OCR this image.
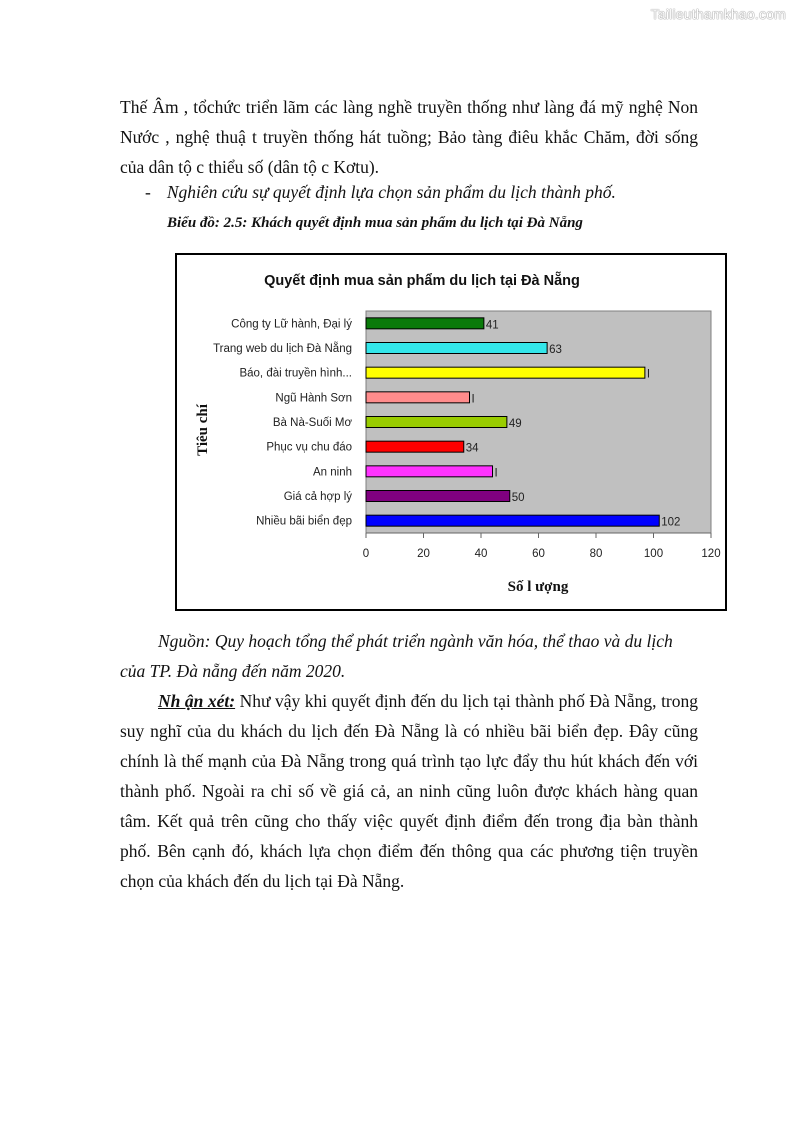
Tailieuthamkhao.com
Thế Âm , tổchức triển lãm các làng nghề truyền thống như làng đá mỹ nghệ Non Nước , nghệ thuậ t truyền thống hát tuồng; Bảo tàng điêu khắc Chăm, đời sống của dân tộ c thiểu số (dân tộ c Kơtu).
- Nghiên cứu sự quyết định lựa chọn sản phẩm du lịch thành phố.
Biểu đồ: 2.5: Khách quyết định mua sản phẩm du lịch tại Đà Nẵng
Quyết định mua sản phẩm du lịch tại Đà Nẵng
Công ty Lữ hành, Đại lý	41
Trang web du lịch Đà Nẵng	63
Báo, đài truyền hình...	I
Ngũ Hành Sơn	I
Bà Nà-Suối Mơ	49
Phục vụ chu đáo	34
An ninh	I
Giá cả hợp lý	50
Nhiều bãi biển đẹp	102
0	20	40	60	80	100	120
Số l ượng
Tiêu chí
Nguồn: Quy hoạch tổng thể phát triển ngành văn hóa, thể thao và du lịch của TP. Đà nẵng đến năm 2020.
Nh ận xét: Như vậy khi quyết định đến du lịch tại thành phố Đà Nẵng, trong suy nghĩ của du khách du lịch đến Đà Nẵng là có nhiều bãi biển đẹp. Đây cũng chính là thế mạnh của Đà Nẵng trong quá trình tạo lực đẩy thu hút khách đến với thành phố. Ngoài ra chỉ số về giá cả, an ninh cũng luôn được khách hàng quan tâm. Kết quả trên cũng cho thấy việc quyết định điểm đến trong địa bàn thành phố. Bên cạnh đó, khách lựa chọn điểm đến thông qua các phương tiện truyền chọn của khách đến du lịch tại Đà Nẵng.
